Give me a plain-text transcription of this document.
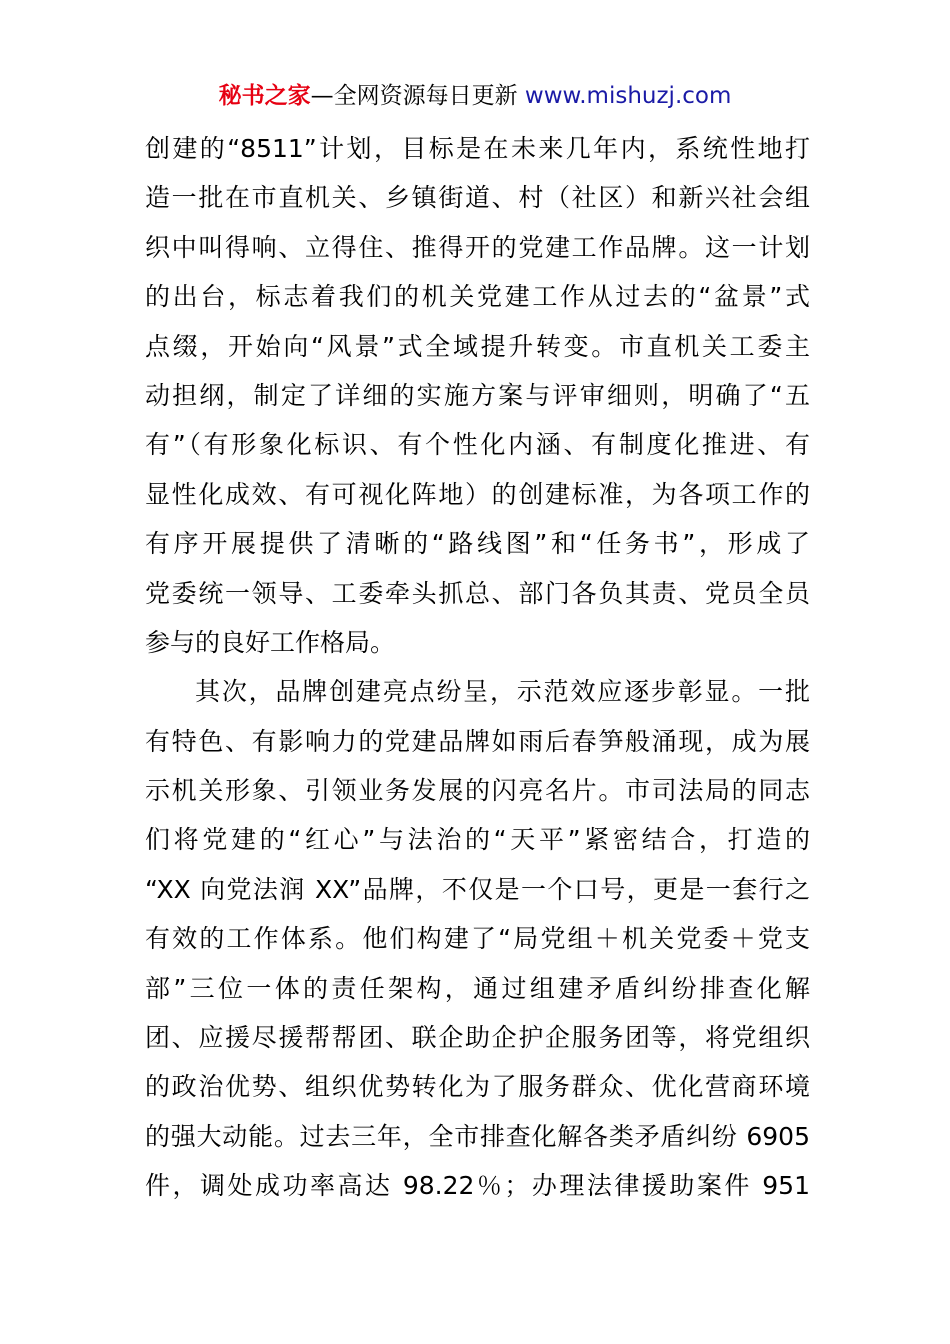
秘书之家—全网资源每日更新 www.mishuzj.com
创建的“8511”计划，目标是在未来几年内，系统性地打
造一批在市直机关、乡镇街道、村（社区）和新兴社会组
织中叫得响、立得住、推得开的党建工作品牌。这一计划
的出台，标志着我们的机关党建工作从过去的“盆景”式
点缀，开始向“风景”式全域提升转变。市直机关工委主
动担纲，制定了详细的实施方案与评审细则，明确了“五
有”（有形象化标识、有个性化内涵、有制度化推进、有
显性化成效、有可视化阵地）的创建标准，为各项工作的
有序开展提供了清晰的“路线图”和“任务书”，形成了
党委统一领导、工委牵头抓总、部门各负其责、党员全员
参与的良好工作格局。
其次，品牌创建亮点纷呈，示范效应逐步彰显。一批
有特色、有影响力的党建品牌如雨后春笋般涌现，成为展
示机关形象、引领业务发展的闪亮名片。市司法局的同志
们将党建的“红心”与法治的“天平”紧密结合，打造的
“XX 向党法润 XX”品牌，不仅是一个口号，更是一套行之
有效的工作体系。他们构建了“局党组＋机关党委＋党支
部”三位一体的责任架构，通过组建矛盾纠纷排查化解
团、应援尽援帮帮团、联企助企护企服务团等，将党组织
的政治优势、组织优势转化为了服务群众、优化营商环境
的强大动能。过去三年，全市排查化解各类矛盾纠纷 6905
件，调处成功率高达 98.22％；办理法律援助案件 951
